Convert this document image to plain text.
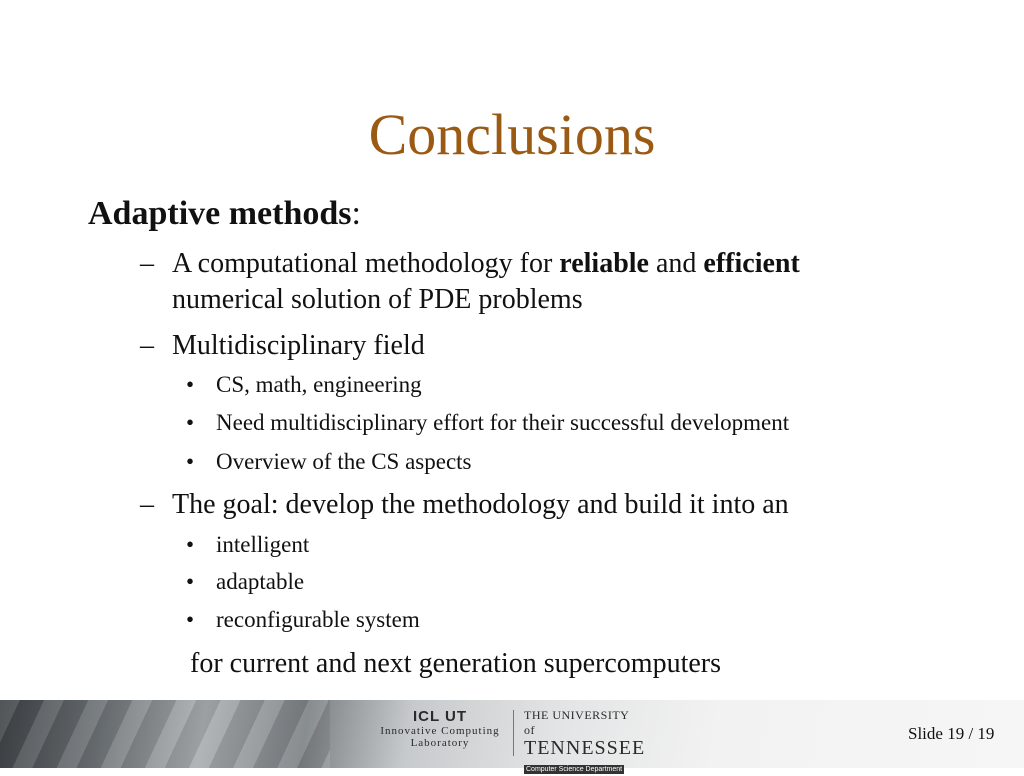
Conclusions
Adaptive methods:
– A computational methodology for reliable and efficient
numerical solution of PDE problems
– Multidisciplinary field
• CS, math, engineering
• Need multidisciplinary effort for their successful development
• Overview of the CS aspects
– The goal: develop the methodology and build it into an
• intelligent
• adaptable
• reconfigurable system
for current and next generation supercomputers
ICL UT
Innovative Computing
Laboratory
THE UNIVERSITY of
TENNESSEE
Computer Science Department
Slide 19 / 19
